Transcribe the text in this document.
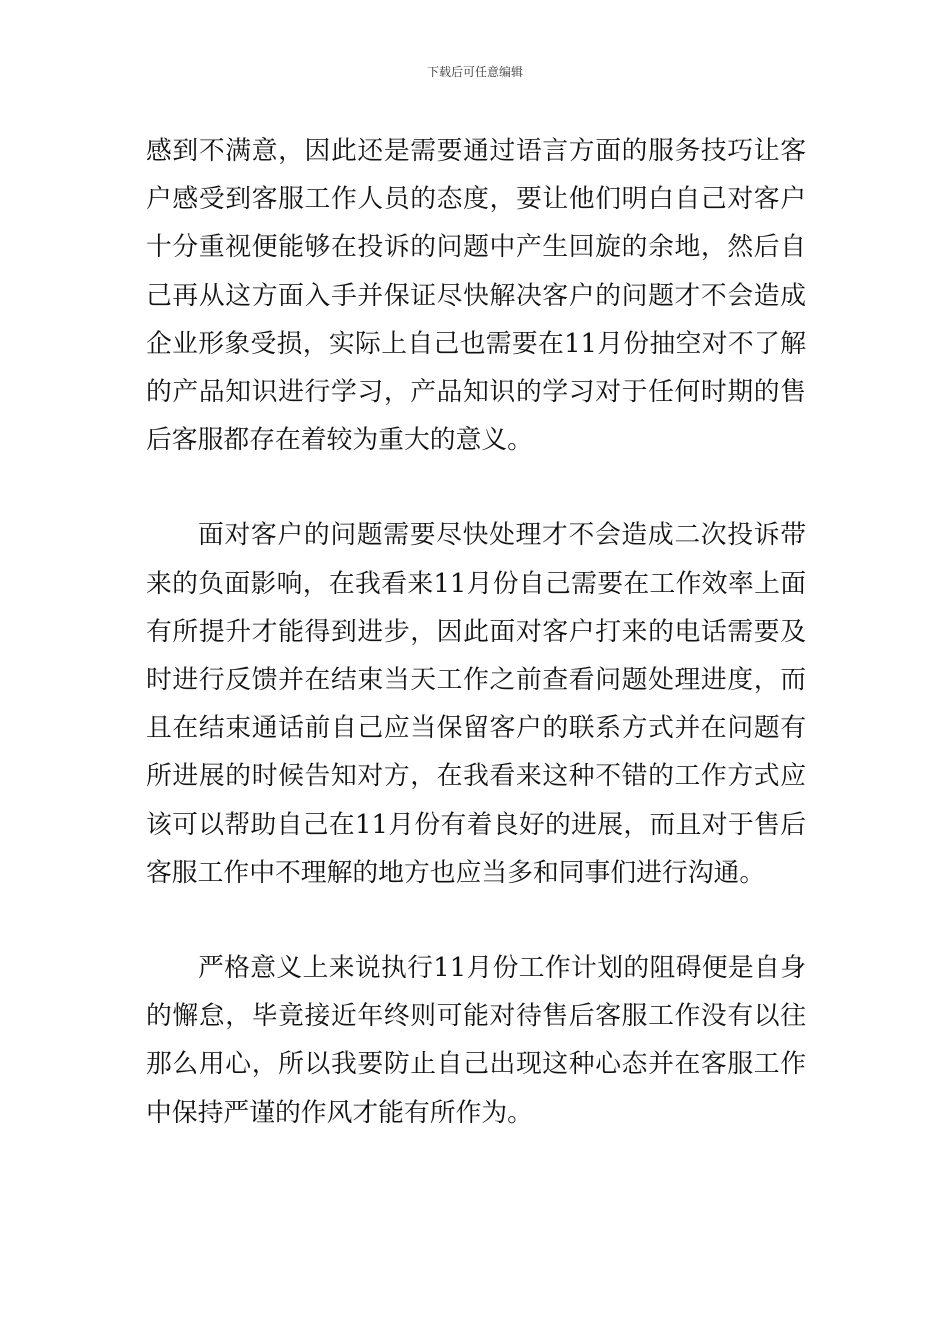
下载后可任意编辑

感到不满意，因此还是需要通过语言方面的服务技巧让客户感受到客服工作人员的态度，要让他们明白自己对客户十分重视便能够在投诉的问题中产生回旋的余地，然后自己再从这方面入手并保证尽快解决客户的问题才不会造成企业形象受损，实际上自己也需要在11月份抽空对不了解的产品知识进行学习，产品知识的学习对于任何时期的售后客服都存在着较为重大的意义。

面对客户的问题需要尽快处理才不会造成二次投诉带来的负面影响，在我看来11月份自己需要在工作效率上面有所提升才能得到进步，因此面对客户打来的电话需要及时进行反馈并在结束当天工作之前查看问题处理进度，而且在结束通话前自己应当保留客户的联系方式并在问题有所进展的时候告知对方，在我看来这种不错的工作方式应该可以帮助自己在11月份有着良好的进展，而且对于售后客服工作中不理解的地方也应当多和同事们进行沟通。

严格意义上来说执行11月份工作计划的阻碍便是自身的懈怠，毕竟接近年终则可能对待售后客服工作没有以往那么用心，所以我要防止自己出现这种心态并在客服工作中保持严谨的作风才能有所作为。
